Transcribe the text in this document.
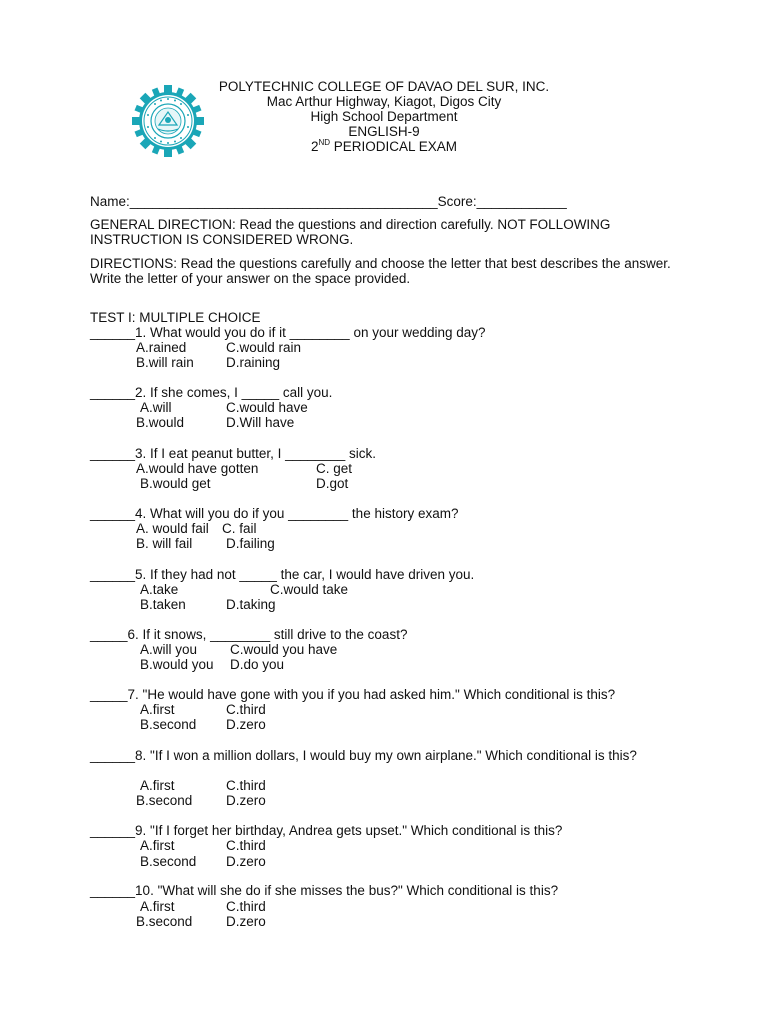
POLYTECHNIC COLLEGE OF DAVAO DEL SUR, INC.
Mac Arthur Highway, Kiagot, Digos City
High School Department
ENGLISH-9
2ND PERIODICAL EXAM
Name:_________________________________________Score:____________
GENERAL DIRECTION: Read the questions and direction carefully. NOT FOLLOWING INSTRUCTION IS CONSIDERED WRONG.
DIRECTIONS: Read the questions carefully and choose the letter that best describes the answer. Write the letter of your answer on the space provided.
TEST I: MULTIPLE CHOICE
______1. What would you do if it ________ on your wedding day?
A.rained	C.would rain
B.will rain D.raining
______2. If she comes, I _____ call you.
A.will	C.would have
B.would	D.Will have
______3. If I eat peanut butter, I ________ sick.
A.would have gotten	C. get
B.would get	D.got
______4. What will you do if you ________ the history exam?
A. would fail C. fail
B. will fail D.failing
______5. If they had not _____ the car, I would have driven you.
A.take	C.would take
B.taken	D.taking
_____6. If it snows, ________ still drive to the coast?
A.will you C.would you have
B.would you D.do you
_____7. "He would have gone with you if you had asked him." Which conditional is this?
A.first	C.third
B.second D.zero
______8. "If I won a million dollars, I would buy my own airplane." Which conditional is this?
A.first	C.third
B.second D.zero
______9. "If I forget her birthday, Andrea gets upset." Which conditional is this?
A.first	C.third
B.second D.zero
______10. "What will she do if she misses the bus?" Which conditional is this?
A.first	C.third
B.second D.zero
